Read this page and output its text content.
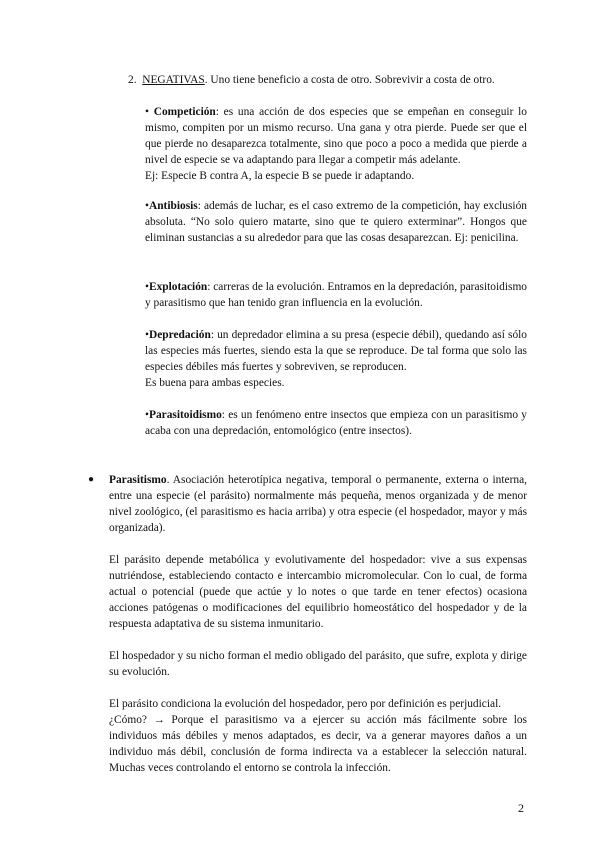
2. NEGATIVAS. Uno tiene beneficio a costa de otro. Sobrevivir a costa de otro.

• Competición: es una acción de dos especies que se empeñan en conseguir lo mismo, compiten por un mismo recurso. Una gana y otra pierde. Puede ser que el que pierde no desaparezca totalmente, sino que poco a poco a medida que pierde a nivel de especie se va adaptando para llegar a competir más adelante.

Ej: Especie B contra A, la especie B se puede ir adaptando.

•Antibiosis: además de luchar, es el caso extremo de la competición, hay exclusión absoluta. “No solo quiero matarte, sino que te quiero exterminar”. Hongos que eliminan sustancias a su alrededor para que las cosas desaparezcan. Ej: penicilina.

•Explotación: carreras de la evolución. Entramos en la depredación, parasitoidismo y parasitismo que han tenido gran influencia en la evolución.

•Depredación: un depredador elimina a su presa (especie débil), quedando así sólo las especies más fuertes, siendo esta la que se reproduce. De tal forma que solo las especies débiles más fuertes y sobreviven, se reproducen.

Es buena para ambas especies.

•Parasitoidismo: es un fenómeno entre insectos que empieza con un parasitismo y acaba con una depredación, entomológico (entre insectos).

● Parasitismo. Asociación heterotípica negativa, temporal o permanente, externa o interna, entre una especie (el parásito) normalmente más pequeña, menos organizada y de menor nivel zoológico, (el parasitismo es hacia arriba) y otra especie (el hospedador, mayor y más organizada).

El parásito depende metabólica y evolutivamente del hospedador: vive a sus expensas nutriéndose, estableciendo contacto e intercambio micromolecular. Con lo cual, de forma actual o potencial (puede que actúe y lo notes o que tarde en tener efectos) ocasiona acciones patógenas o modificaciones del equilibrio homeostático del hospedador y de la respuesta adaptativa de su sistema inmunitario.
El hospedador y su nicho forman el medio obligado del parásito, que sufre, explota y dirige su evolución.

El parásito condiciona la evolución del hospedador, pero por definición es perjudicial.

¿Cómo? → Porque el parasitismo va a ejercer su acción más fácilmente sobre los individuos más débiles y menos adaptados, es decir, va a generar mayores daños a un individuo más débil, conclusión de forma indirecta va a establecer la selección natural. Muchas veces controlando el entorno se controla la infección.

2
